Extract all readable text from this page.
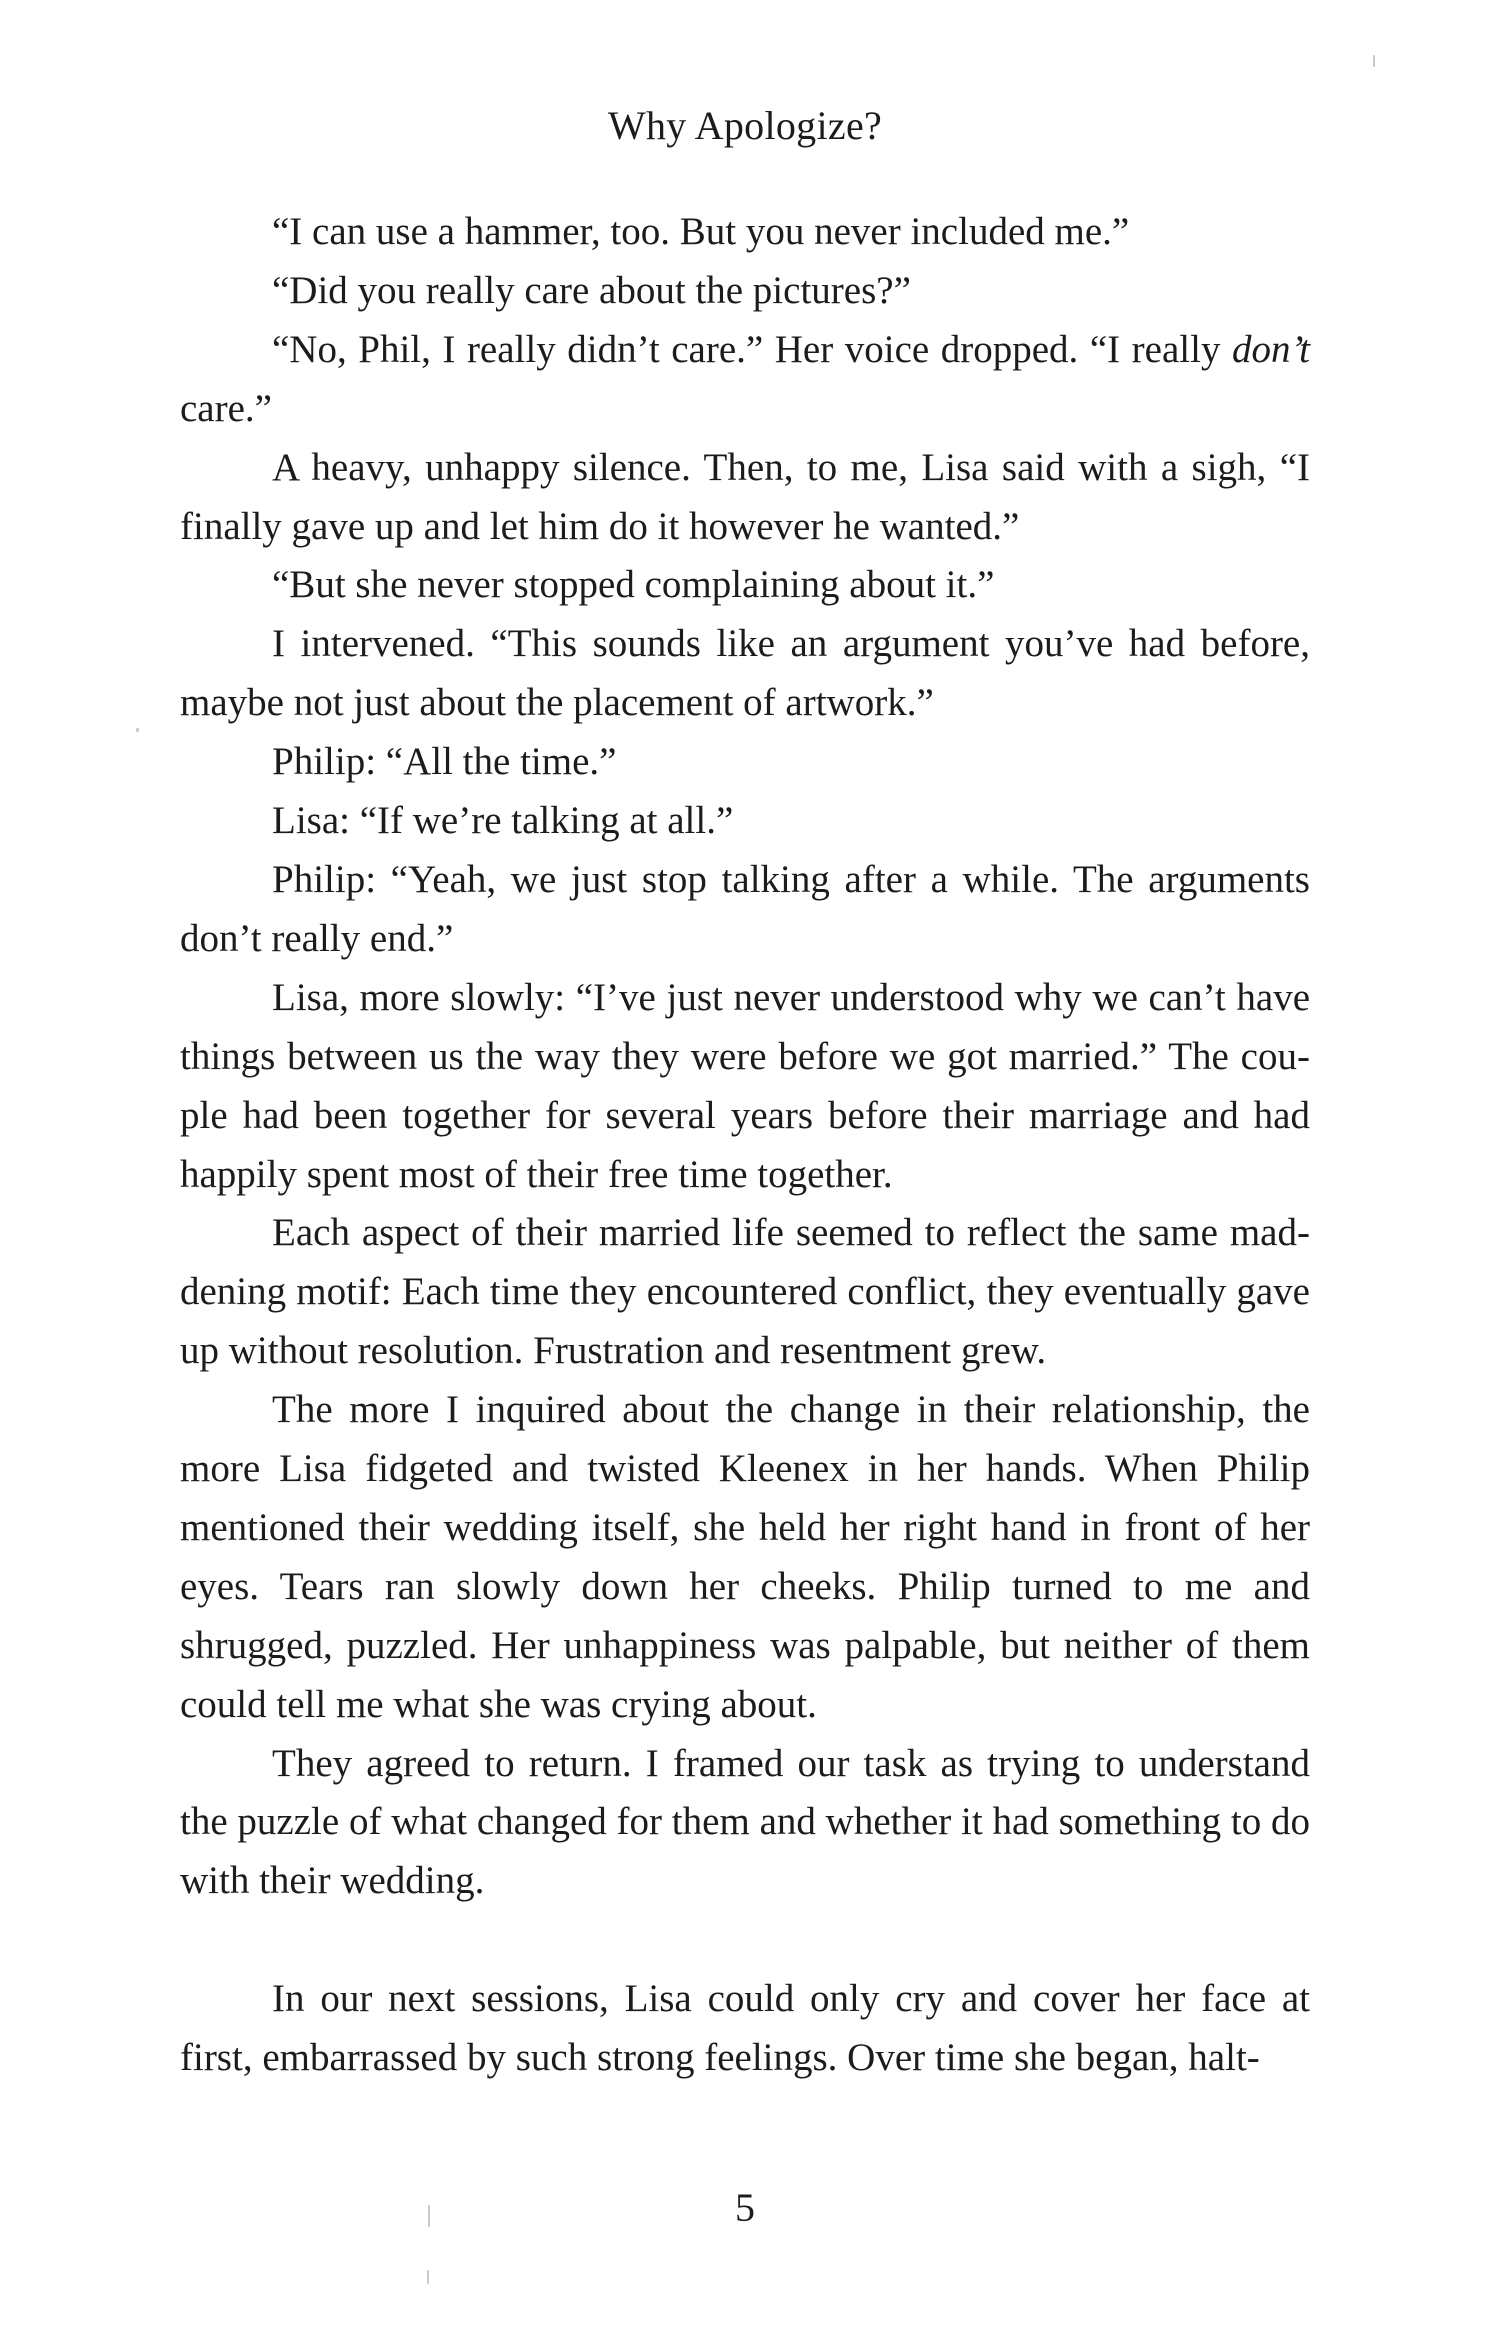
Why Apologize?

“I can use a hammer, too. But you never included me.”

“Did you really care about the pictures?”

“No, Phil, I really didn’t care.” Her voice dropped. “I really don’t care.”

A heavy, unhappy silence. Then, to me, Lisa said with a sigh, “I finally gave up and let him do it however he wanted.”

“But she never stopped complaining about it.”

I intervened. “This sounds like an argument you’ve had before, maybe not just about the placement of artwork.”

Philip: “All the time.”

Lisa: “If we’re talking at all.”

Philip: “Yeah, we just stop talking after a while. The arguments don’t really end.”

Lisa, more slowly: “I’ve just never understood why we can’t have things between us the way they were before we got married.” The couple had been together for several years before their marriage and had happily spent most of their free time together.

Each aspect of their married life seemed to reflect the same maddening motif: Each time they encountered conflict, they eventually gave up without resolution. Frustration and resentment grew.

The more I inquired about the change in their relationship, the more Lisa fidgeted and twisted Kleenex in her hands. When Philip mentioned their wedding itself, she held her right hand in front of her eyes. Tears ran slowly down her cheeks. Philip turned to me and shrugged, puzzled. Her unhappiness was palpable, but neither of them could tell me what she was crying about.

They agreed to return. I framed our task as trying to understand the puzzle of what changed for them and whether it had something to do with their wedding.

In our next sessions, Lisa could only cry and cover her face at first, embarrassed by such strong feelings. Over time she began, halt-

5
